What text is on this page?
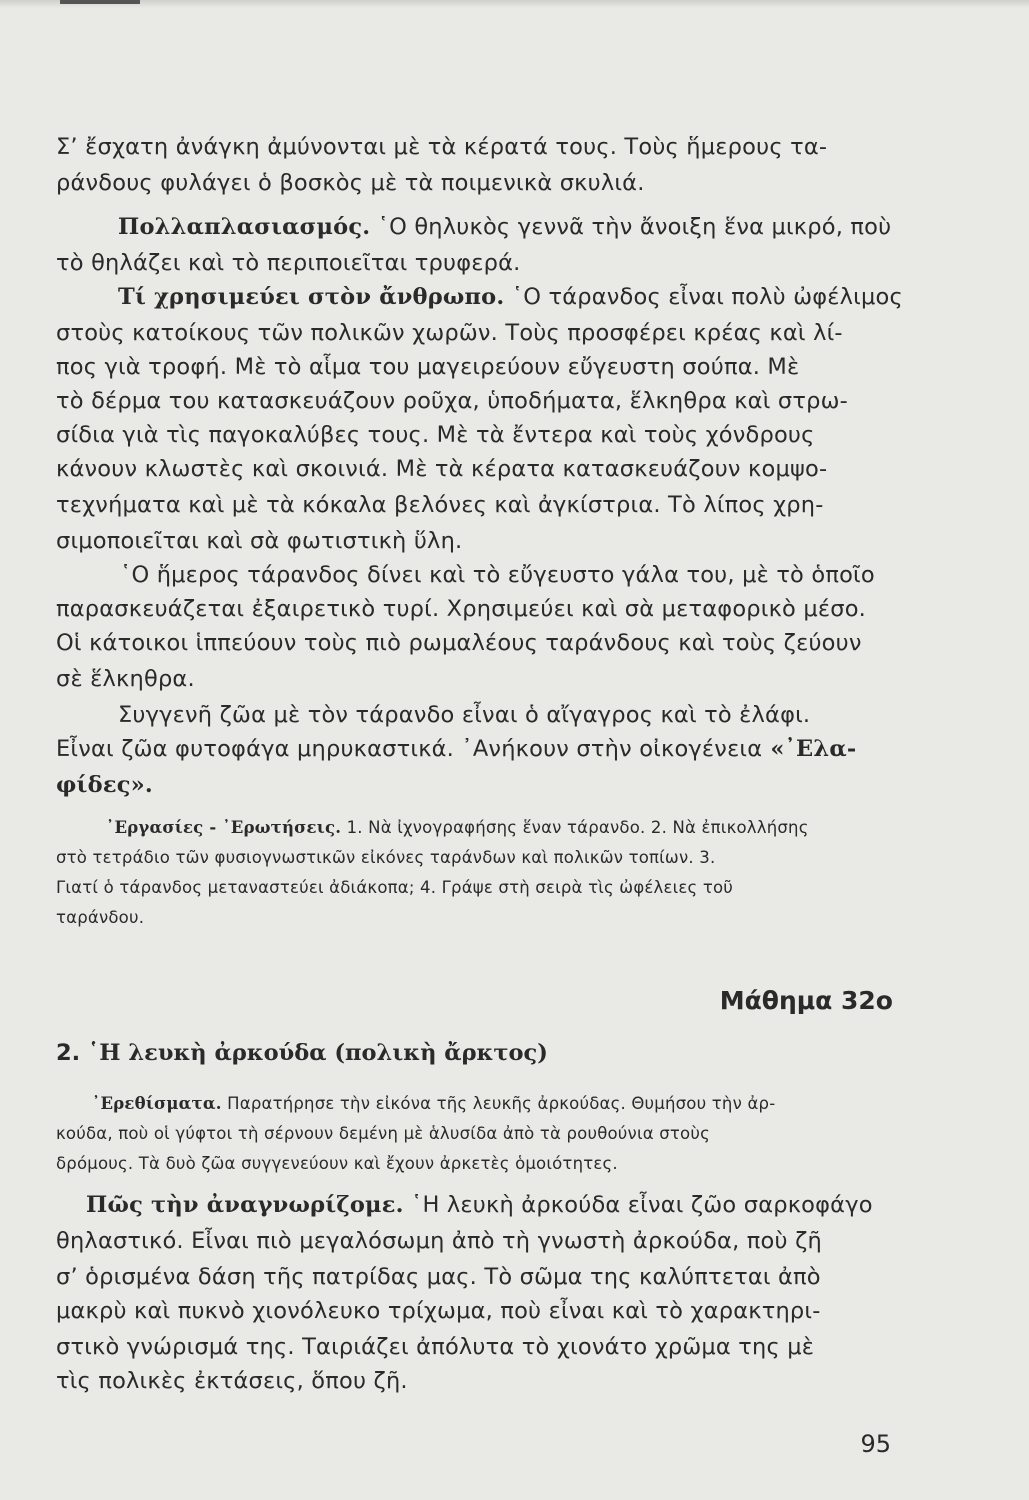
Σ’ ἔσχατη ἀνάγκη ἀμύνονται μὲ τὰ κέρατά τους. Τοὺς ἥμερους τα-
ράνδους φυλάγει ὁ βοσκὸς μὲ τὰ ποιμενικὰ σκυλιά.
Πολλαπλασιασμός. ῾Ο θηλυκὸς γεννᾶ τὴν ἄνοιξη ἕνα μικρό, ποὺ
τὸ θηλάζει καὶ τὸ περιποιεῖται τρυφερά.
Τί χρησιμεύει στὸν ἄνθρωπο. ῾Ο τάρανδος εἶναι πολὺ ὠφέλιμος
στοὺς κατοίκους τῶν πολικῶν χωρῶν. Τοὺς προσφέρει κρέας καὶ λί-
πος γιὰ τροφή. Μὲ τὸ αἷμα του μαγειρεύουν εὔγευστη σούπα. Μὲ
τὸ δέρμα του κατασκευάζουν ροῦχα, ὑποδήματα, ἕλκηθρα καὶ στρω-
σίδια γιὰ τὶς παγοκαλύβες τους. Μὲ τὰ ἔντερα καὶ τοὺς χόνδρους
κάνουν κλωστὲς καὶ σκοινιά. Μὲ τὰ κέρατα κατασκευάζουν κομψο-
τεχνήματα καὶ μὲ τὰ κόκαλα βελόνες καὶ ἀγκίστρια. Τὸ λίπος χρη-
σιμοποιεῖται καὶ σὰ φωτιστικὴ ὕλη.
῾Ο ἥμερος τάρανδος δίνει καὶ τὸ εὔγευστο γάλα του, μὲ τὸ ὁποῖο
παρασκευάζεται ἐξαιρετικὸ τυρί. Χρησιμεύει καὶ σὰ μεταφορικὸ μέσο.
Οἱ κάτοικοι ἱππεύουν τοὺς πιὸ ρωμαλέους ταράνδους καὶ τοὺς ζεύουν
σὲ ἕλκηθρα.
Συγγενῆ ζῶα μὲ τὸν τάρανδο εἶναι ὁ αἴγαγρος καὶ τὸ ἐλάφι.
Εἶναι ζῶα φυτοφάγα μηρυκαστικά. ᾿Ανήκουν στὴν οἰκογένεια «᾿Ελα-
φίδες».
᾿Εργασίες - ᾿Ερωτήσεις. 1. Νὰ ἰχνογραφήσης ἕναν τάρανδο. 2. Νὰ ἐπικολλήσης
στὸ τετράδιο τῶν φυσιογνωστικῶν εἰκόνες ταράνδων καὶ πολικῶν τοπίων. 3.
Γιατί ὁ τάρανδος μεταναστεύει ἀδιάκοπα; 4. Γράψε στὴ σειρὰ τὶς ὠφέλειες τοῦ
ταράνδου.
Μάθημα 32ο
2. ῾Η λευκὴ ἀρκούδα (πολικὴ ἄρκτος)
᾿Ερεθίσματα. Παρατήρησε τὴν εἰκόνα τῆς λευκῆς ἀρκούδας. Θυμήσου τὴν ἀρ-
κούδα, ποὺ οἱ γύφτοι τὴ σέρνουν δεμένη μὲ ἁλυσίδα ἀπὸ τὰ ρουθούνια στοὺς
δρόμους. Τὰ δυὸ ζῶα συγγενεύουν καὶ ἔχουν ἀρκετὲς ὁμοιότητες.
Πῶς τὴν ἀναγνωρίζομε. ῾Η λευκὴ ἀρκούδα εἶναι ζῶο σαρκοφάγο
θηλαστικό. Εἶναι πιὸ μεγαλόσωμη ἀπὸ τὴ γνωστὴ ἀρκούδα, ποὺ ζῆ
σ’ ὁρισμένα δάση τῆς πατρίδας μας. Τὸ σῶμα της καλύπτεται ἀπὸ
μακρὺ καὶ πυκνὸ χιονόλευκο τρίχωμα, ποὺ εἶναι καὶ τὸ χαρακτηρι-
στικὸ γνώρισμά της. Ταιριάζει ἀπόλυτα τὸ χιονάτο χρῶμα της μὲ
τὶς πολικὲς ἐκτάσεις, ὅπου ζῆ.
95
